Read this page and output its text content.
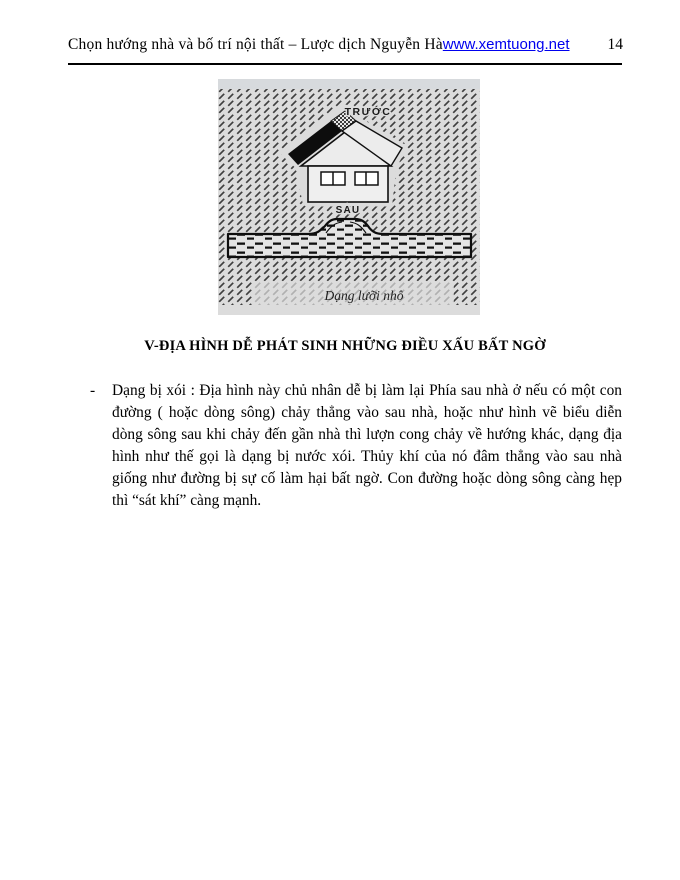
Chọn hướng nhà và bố trí nội thất – Lược dịch Nguyễn Hà www.xemtuong.net 14
TRƯỚC
SAU
Dạng lưỡi nhô
V-ĐỊA HÌNH DỄ PHÁT SINH NHỮNG ĐIỀU XẤU BẤT NGỜ
-	Dạng bị xói : Địa hình này chủ nhân dễ bị làm lại Phía sau nhà ở nếu có một con đường ( hoặc dòng sông) chảy thẳng vào sau nhà, hoặc như hình vẽ biểu diễn dòng sông sau khi chảy đến gần nhà thì lượn cong chảy về hướng khác, dạng địa hình như thế gọi là dạng bị nước xói. Thủy khí của nó đâm thẳng vào sau nhà giống như đường bị sự cố làm hại bất ngờ. Con đường hoặc dòng sông càng hẹp thì “sát khí” càng mạnh.
